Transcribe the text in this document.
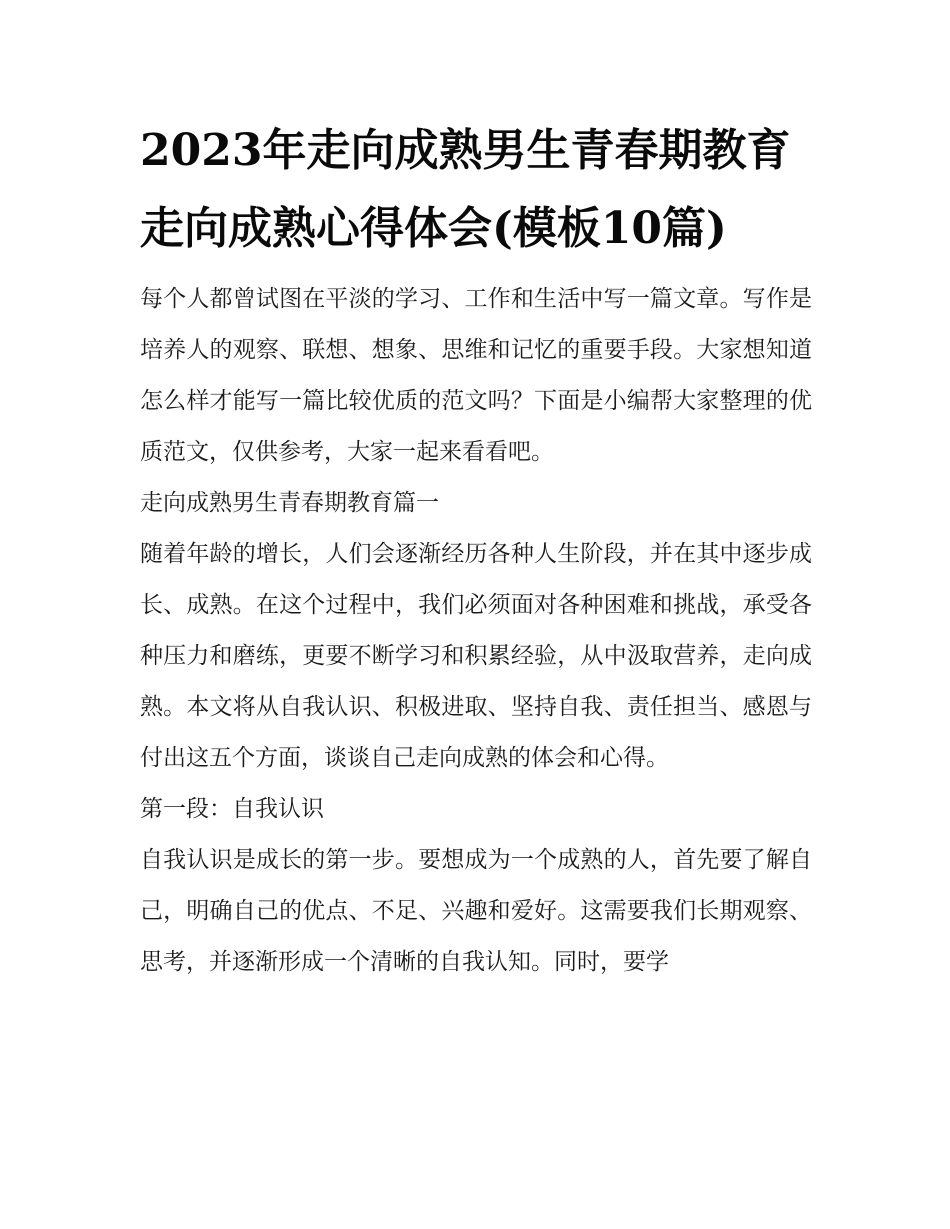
2023年走向成熟男生青春期教育 走向成熟心得体会(模板10篇)

每个人都曾试图在平淡的学习、工作和生活中写一篇文章。写作是培养人的观察、联想、想象、思维和记忆的重要手段。大家想知道怎么样才能写一篇比较优质的范文吗？下面是小编帮大家整理的优质范文，仅供参考，大家一起来看看吧。

走向成熟男生青春期教育篇一

随着年龄的增长，人们会逐渐经历各种人生阶段，并在其中逐步成长、成熟。在这个过程中，我们必须面对各种困难和挑战，承受各种压力和磨练，更要不断学习和积累经验，从中汲取营养，走向成熟。本文将从自我认识、积极进取、坚持自我、责任担当、感恩与付出这五个方面，谈谈自己走向成熟的体会和心得。

第一段：自我认识

自我认识是成长的第一步。要想成为一个成熟的人，首先要了解自己，明确自己的优点、不足、兴趣和爱好。这需要我们长期观察、思考，并逐渐形成一个清晰的自我认知。同时，要学
